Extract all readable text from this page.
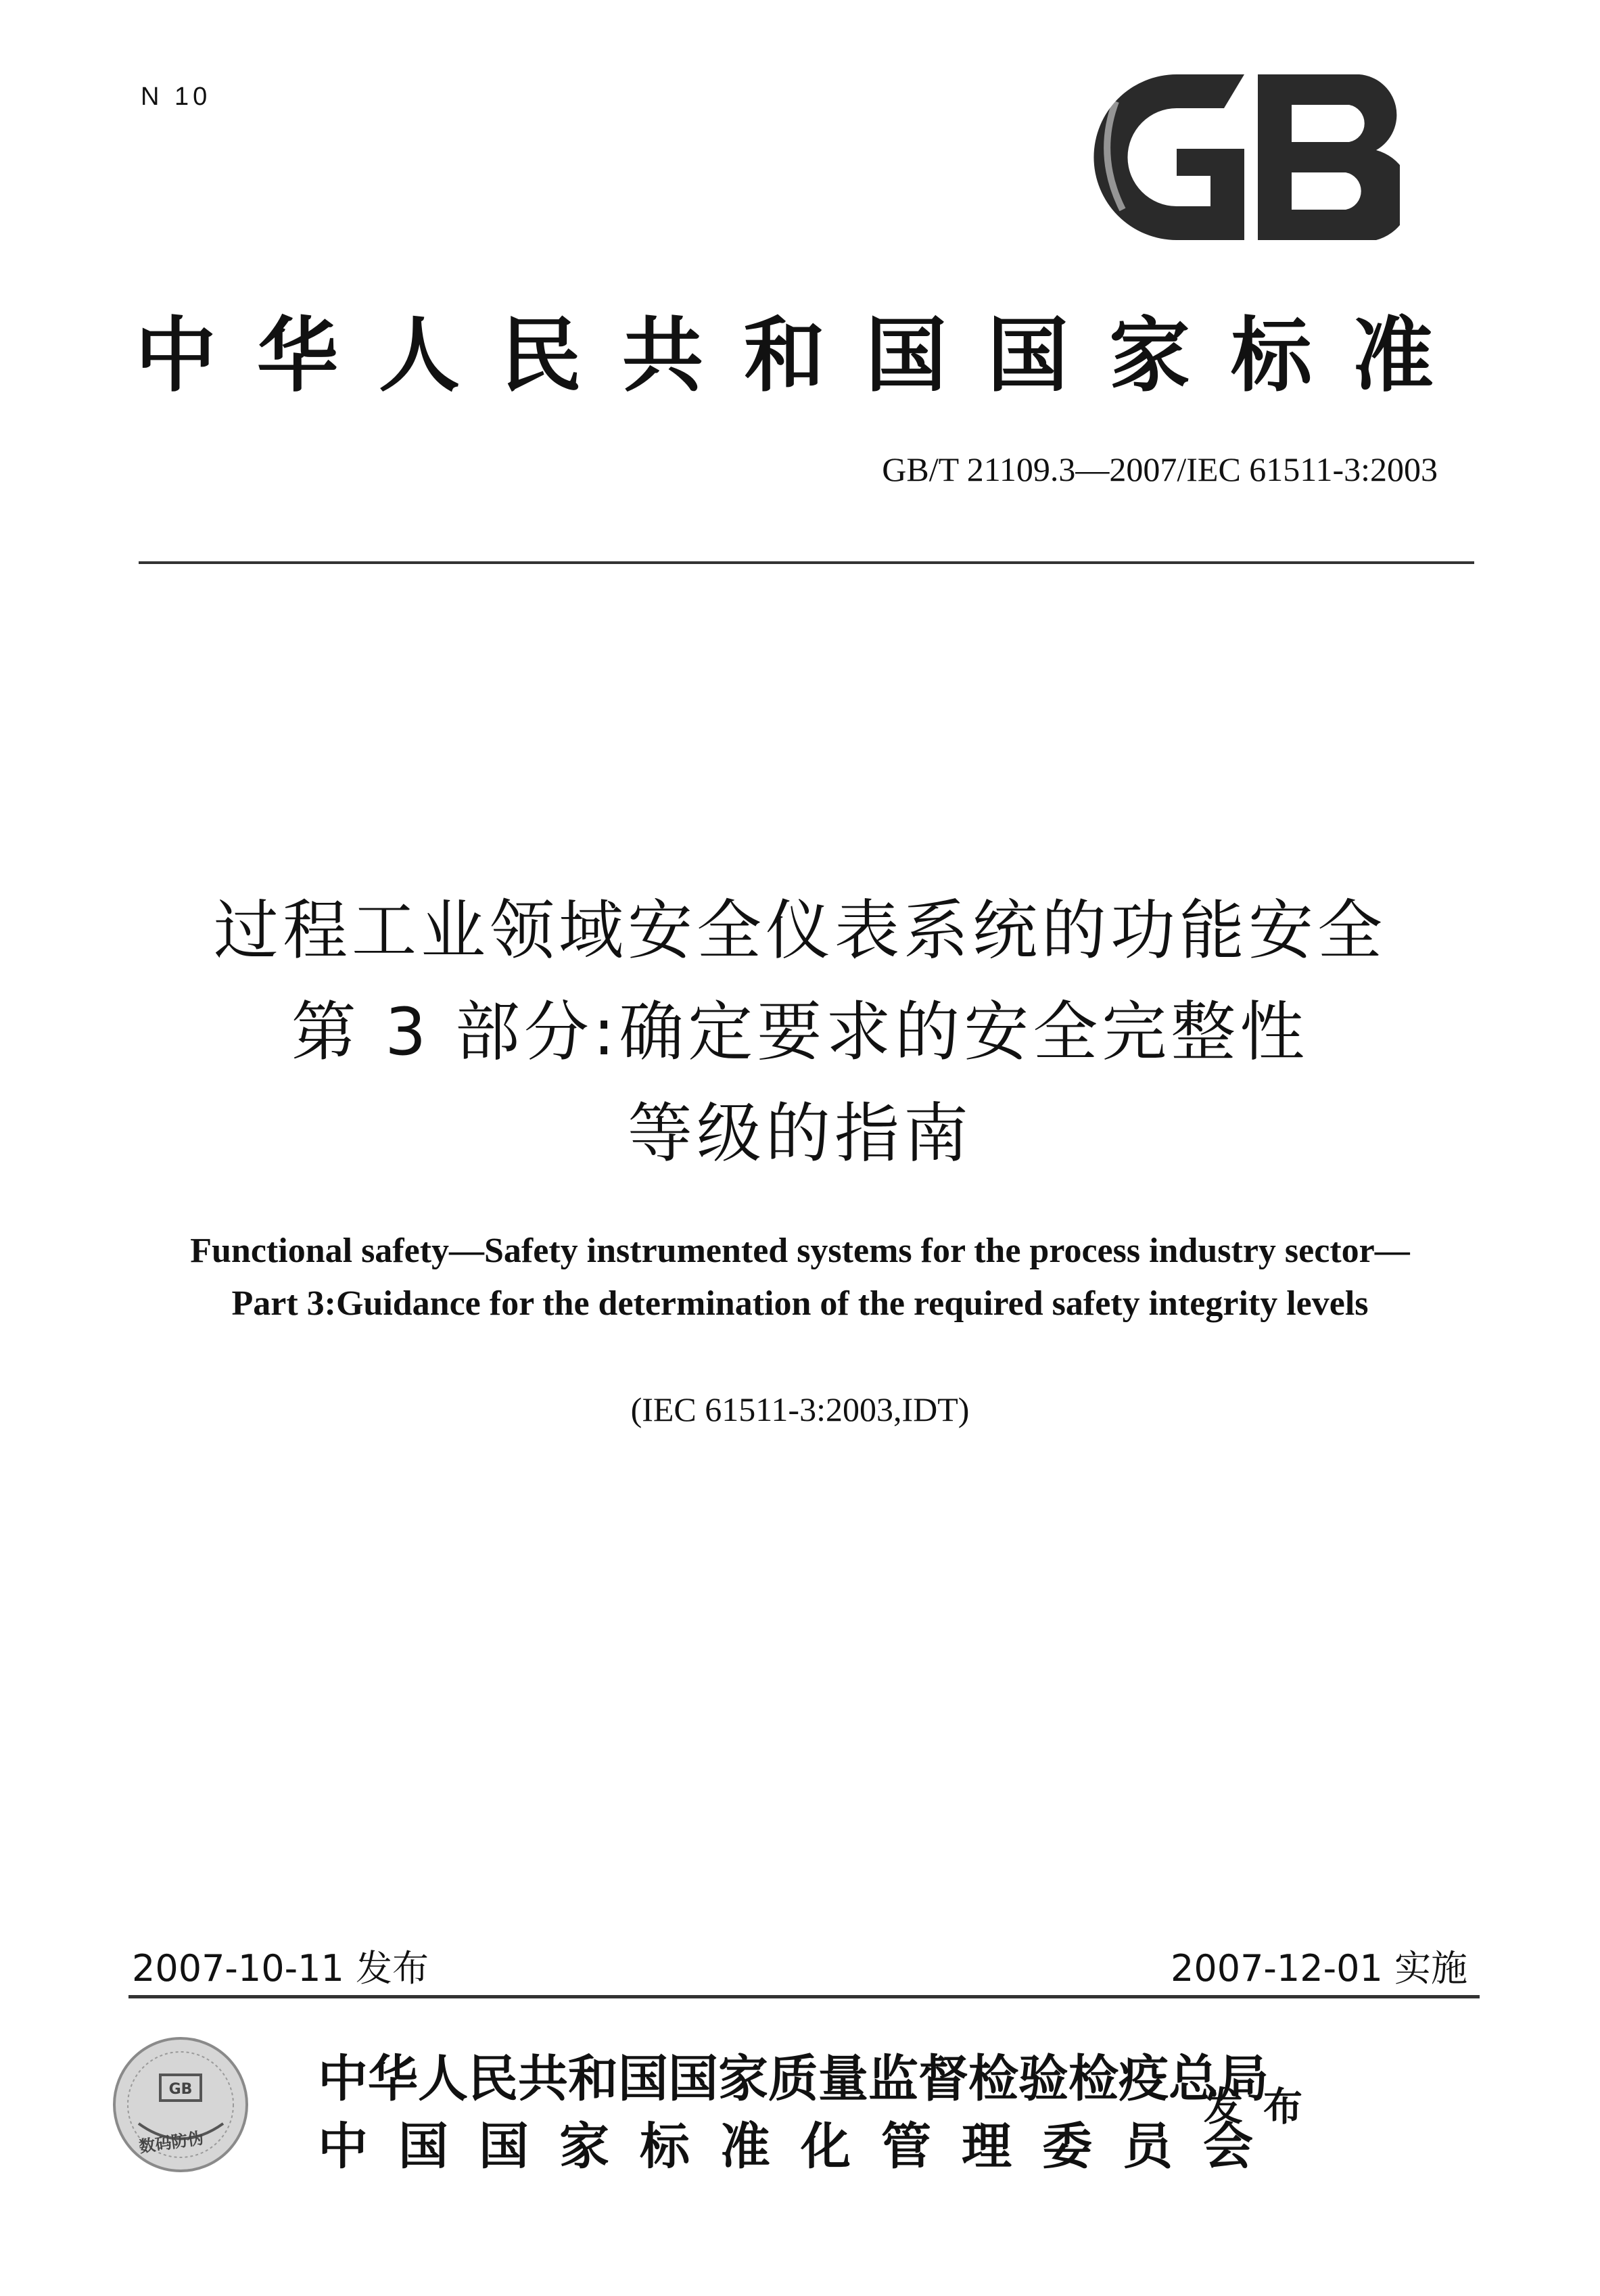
N 10
中华人民共和国国家标准
GB/T 21109.3—2007/IEC 61511-3:2003
过程工业领域安全仪表系统的功能安全
第 3 部分:确定要求的安全完整性
等级的指南
Functional safety—Safety instrumented systems for the process industry sector—
Part 3:Guidance for the determination of the required safety integrity levels
(IEC 61511-3:2003,IDT)
2007-10-11 发布	2007-12-01 实施
GB
数码防伪
中华人民共和国国家质量监督检验检疫总局
中国国家标准化管理委员会
发布
